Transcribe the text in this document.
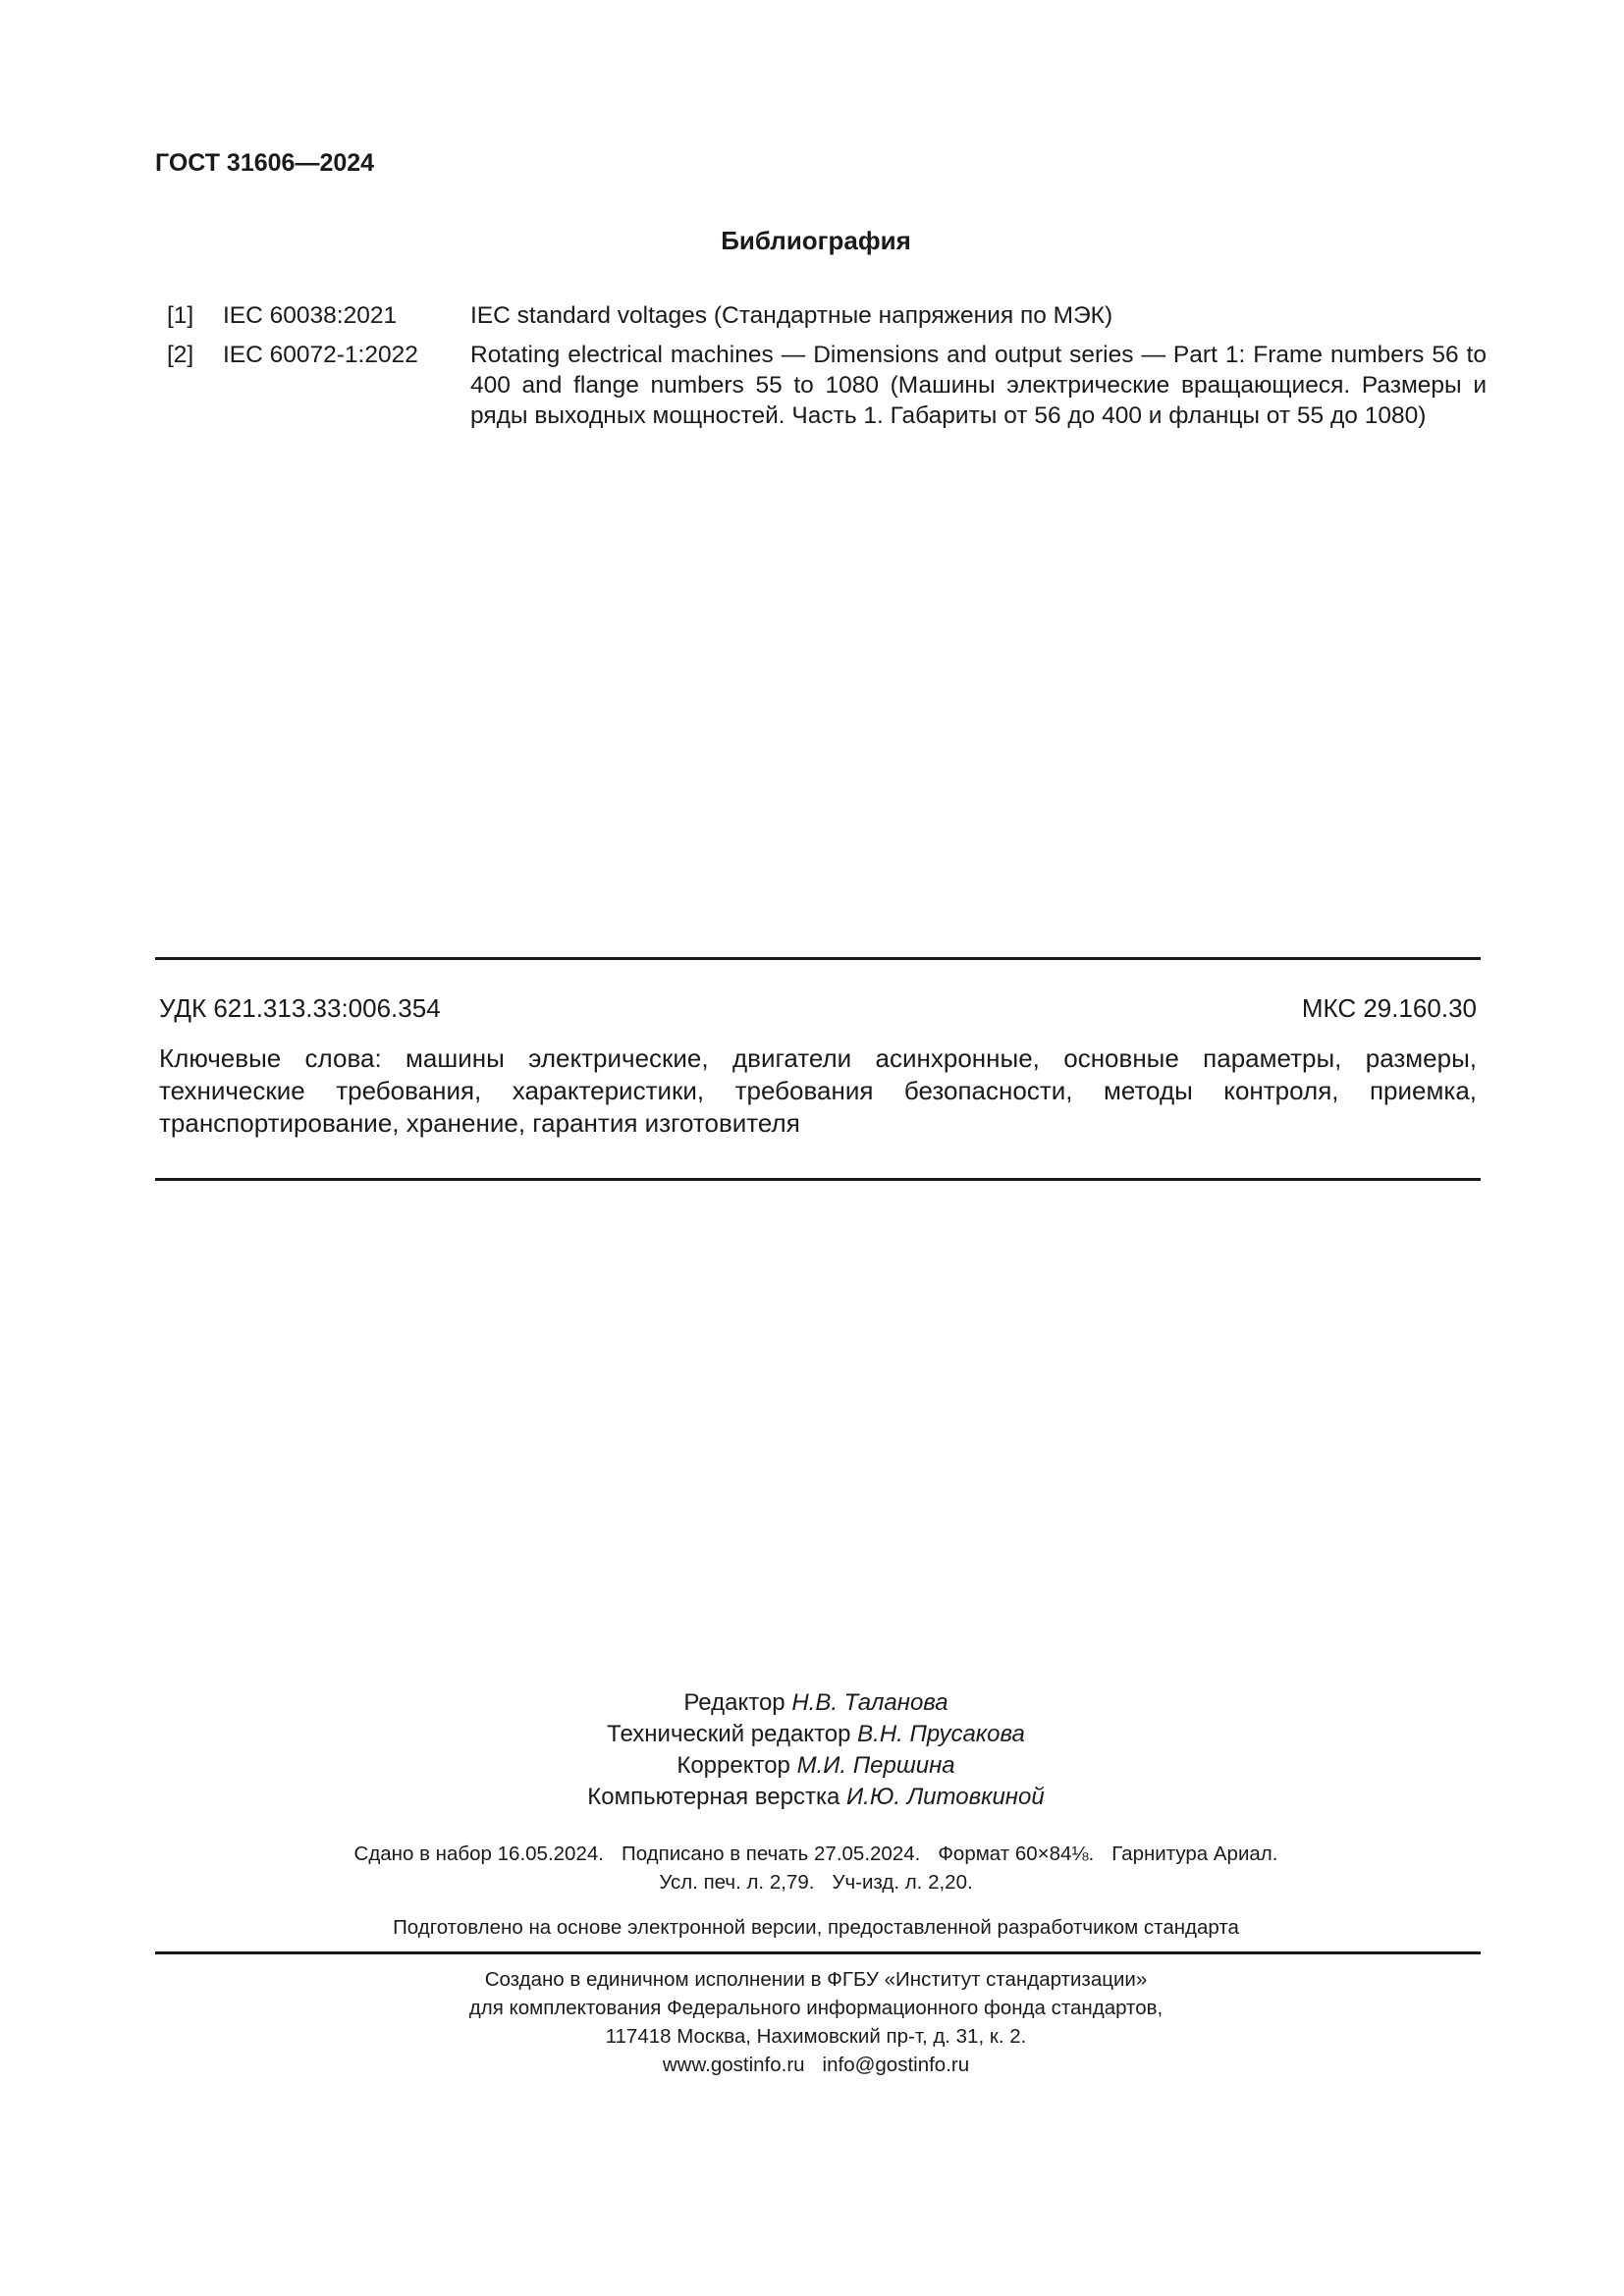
ГОСТ 31606—2024
Библиография
[1] IEC 60038:2021	IEC standard voltages (Стандартные напряжения по МЭК)
[2] IEC 60072-1:2022 Rotating electrical machines — Dimensions and output series — Part 1: Frame numbers 56 to 400 and flange numbers 55 to 1080 (Машины электрические вращающиеся. Размеры и ряды выходных мощностей. Часть 1. Габариты от 56 до 400 и фланцы от 55 до 1080)
УДК 621.313.33:006.354	МКС 29.160.30
Ключевые слова: машины электрические, двигатели асинхронные, основные параметры, размеры, технические требования, характеристики, требования безопасности, методы контроля, приемка, транспортирование, хранение, гарантия изготовителя
Редактор Н.В. Таланова
Технический редактор В.Н. Прусакова
Корректор М.И. Першина
Компьютерная верстка И.Ю. Литовкиной
Сдано в набор 16.05.2024. Подписано в печать 27.05.2024. Формат 60×84⅛. Гарнитура Ариал.
Усл. печ. л. 2,79. Уч-изд. л. 2,20.
Подготовлено на основе электронной версии, предоставленной разработчиком стандарта
Создано в единичном исполнении в ФГБУ «Институт стандартизации»
для комплектования Федерального информационного фонда стандартов,
117418 Москва, Нахимовский пр-т, д. 31, к. 2.
www.gostinfo.ru info@gostinfo.ru
